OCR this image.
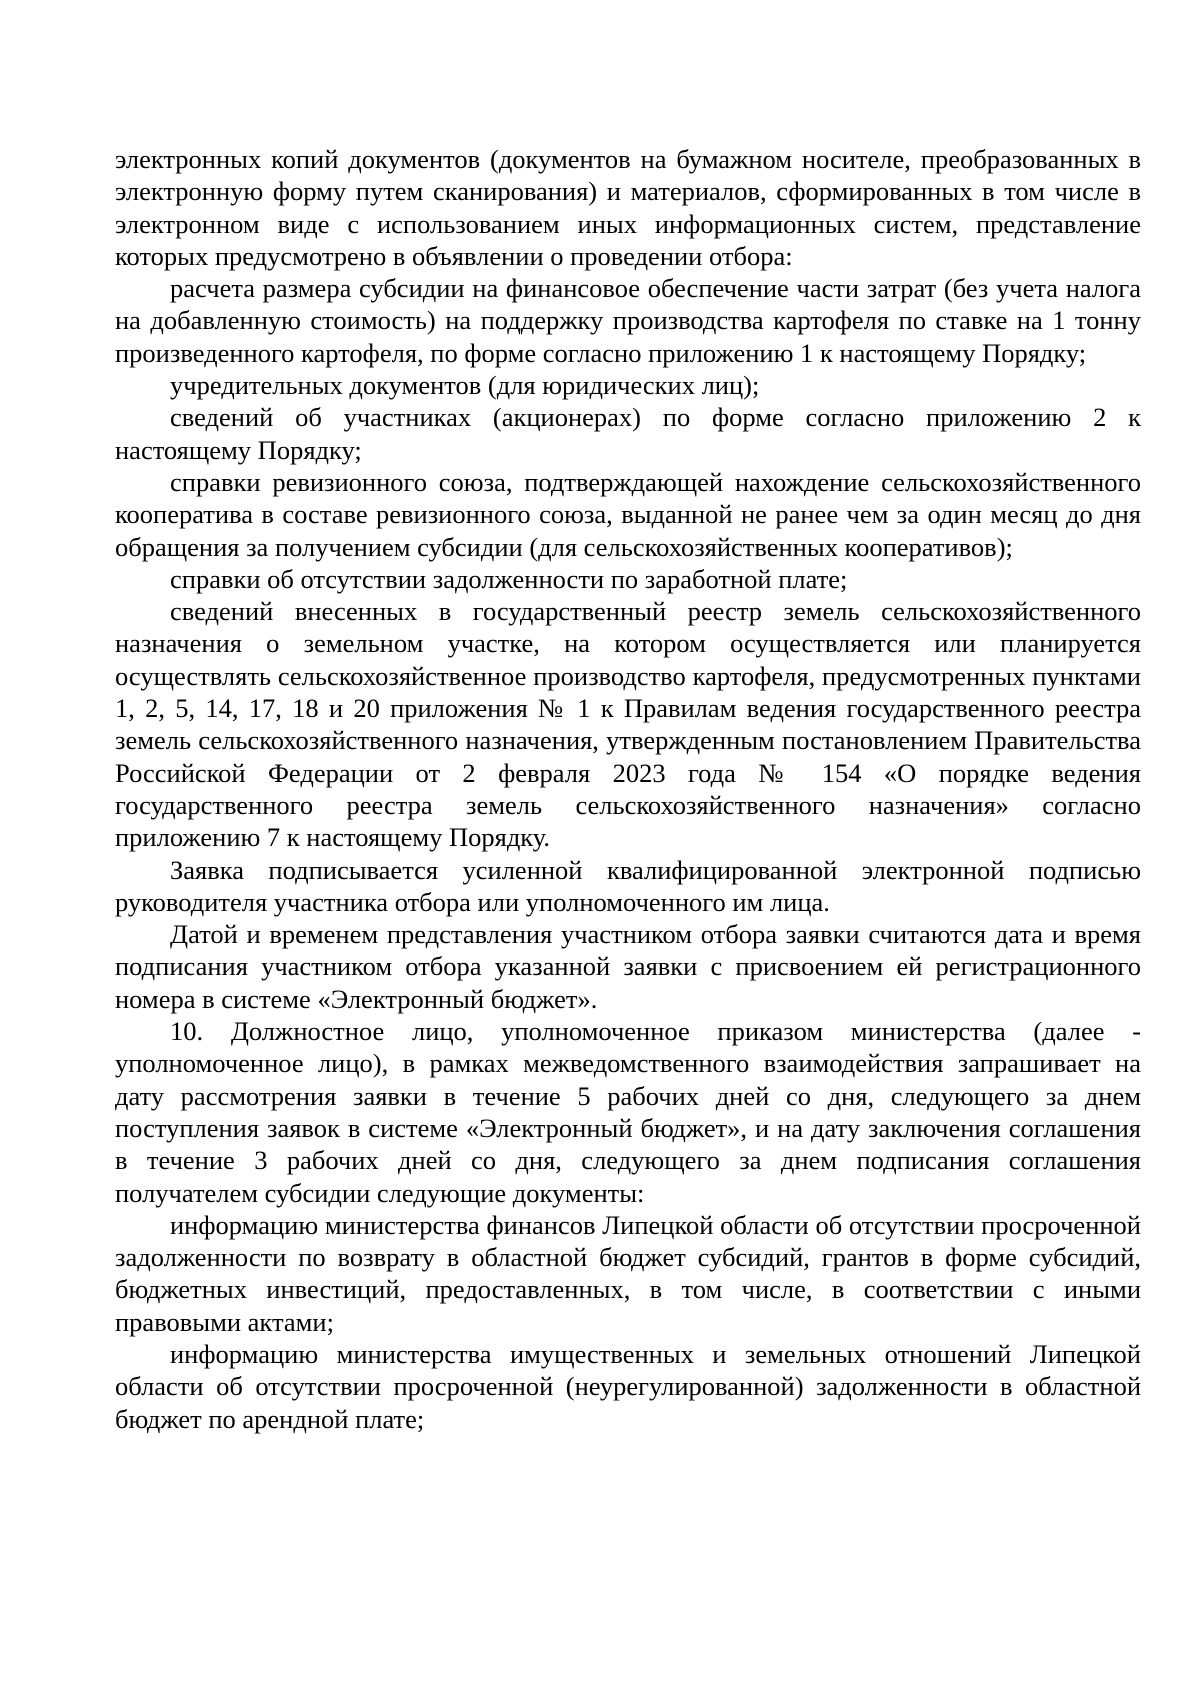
электронных копий документов (документов на бумажном носителе, преобразованных в электронную форму путем сканирования) и материалов, сформированных в том числе в электронном виде с использованием иных информационных систем, представление которых предусмотрено в объявлении о проведении отбора:

расчета размера субсидии на финансовое обеспечение части затрат (без учета налога на добавленную стоимость) на поддержку производства картофеля по ставке на 1 тонну произведенного картофеля, по форме согласно приложению 1 к настоящему Порядку;

учредительных документов (для юридических лиц);

сведений об участниках (акционерах) по форме согласно приложению 2 к настоящему Порядку;

справки ревизионного союза, подтверждающей нахождение сельскохозяйственного кооператива в составе ревизионного союза, выданной не ранее чем за один месяц до дня обращения за получением субсидии (для сельскохозяйственных кооперативов);

справки об отсутствии задолженности по заработной плате;

сведений внесенных в государственный реестр земель сельскохозяйственного назначения о земельном участке, на котором осуществляется или планируется осуществлять сельскохозяйственное производство картофеля, предусмотренных пунктами 1, 2, 5, 14, 17, 18 и 20 приложения № 1 к Правилам ведения государственного реестра земель сельскохозяйственного назначения, утвержденным постановлением Правительства Российской Федерации от 2 февраля 2023 года № 154 «О порядке ведения государственного реестра земель сельскохозяйственного назначения» согласно приложению 7 к настоящему Порядку.

Заявка подписывается усиленной квалифицированной электронной подписью руководителя участника отбора или уполномоченного им лица.

Датой и временем представления участником отбора заявки считаются дата и время подписания участником отбора указанной заявки с присвоением ей регистрационного номера в системе «Электронный бюджет».

10. Должностное лицо, уполномоченное приказом министерства (далее - уполномоченное лицо), в рамках межведомственного взаимодействия запрашивает на дату рассмотрения заявки в течение 5 рабочих дней со дня, следующего за днем поступления заявок в системе «Электронный бюджет», и на дату заключения соглашения в течение 3 рабочих дней со дня, следующего за днем подписания соглашения получателем субсидии следующие документы:

информацию министерства финансов Липецкой области об отсутствии просроченной задолженности по возврату в областной бюджет субсидий, грантов в форме субсидий, бюджетных инвестиций, предоставленных, в том числе, в соответствии с иными правовыми актами;

информацию министерства имущественных и земельных отношений Липецкой области об отсутствии просроченной (неурегулированной) задолженности в областной бюджет по арендной плате;
